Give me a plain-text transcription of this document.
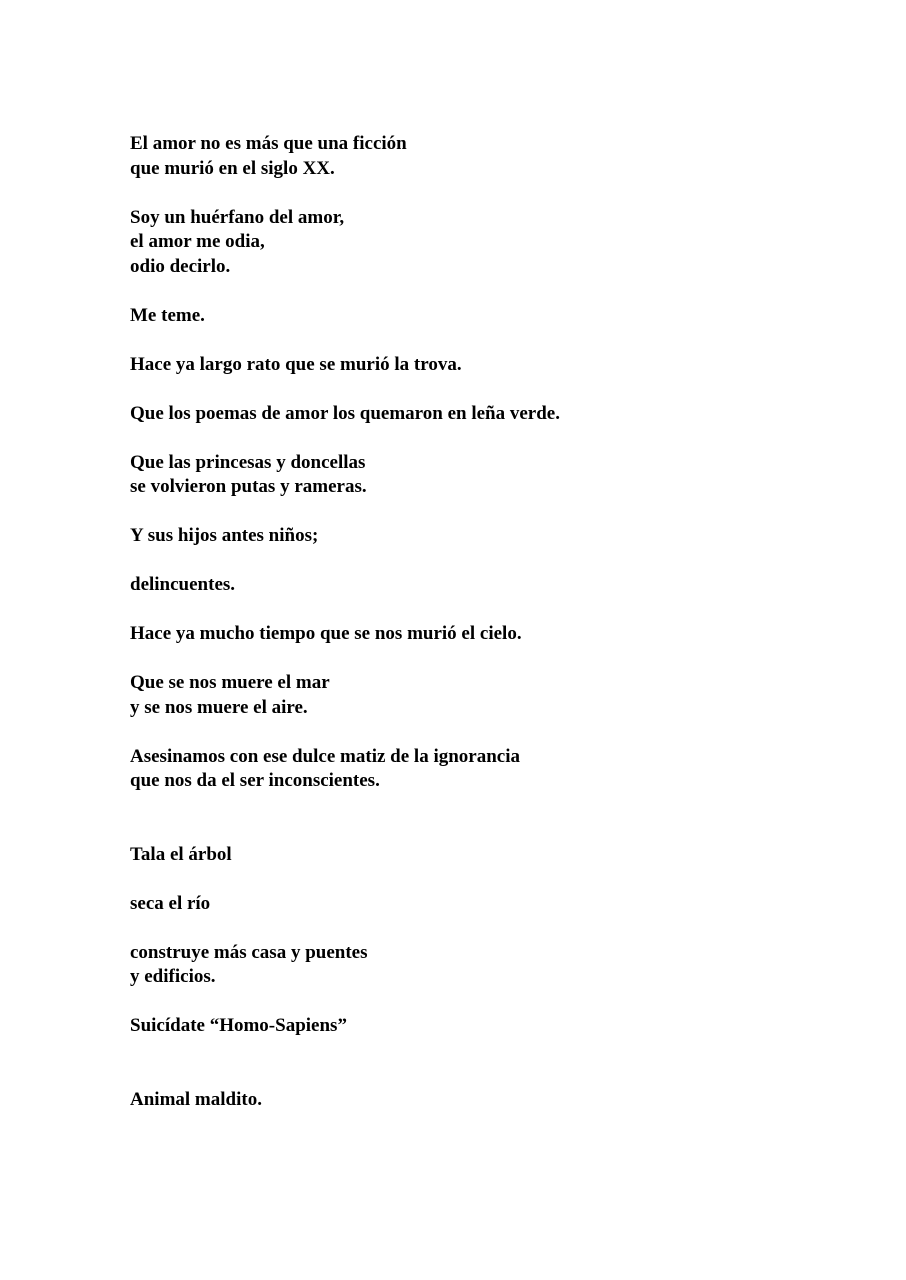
El amor no es más que una ficción
que murió en el siglo XX.
Soy un huérfano del amor,
el amor me odia,
odio decirlo.
Me teme.
Hace ya largo rato que se murió la trova.
Que los poemas de amor los quemaron en leña verde.
Que las princesas y doncellas
se volvieron putas y rameras.
Y sus hijos antes niños;
delincuentes.
Hace ya mucho tiempo que se nos murió el cielo.
Que se nos muere el mar
y se nos muere el aire.
Asesinamos con ese dulce matiz de la ignorancia
que nos da el ser inconscientes.
Tala el árbol
seca el río
construye más casa y puentes
y edificios.
Suicídate “Homo-Sapiens”
Animal maldito.
